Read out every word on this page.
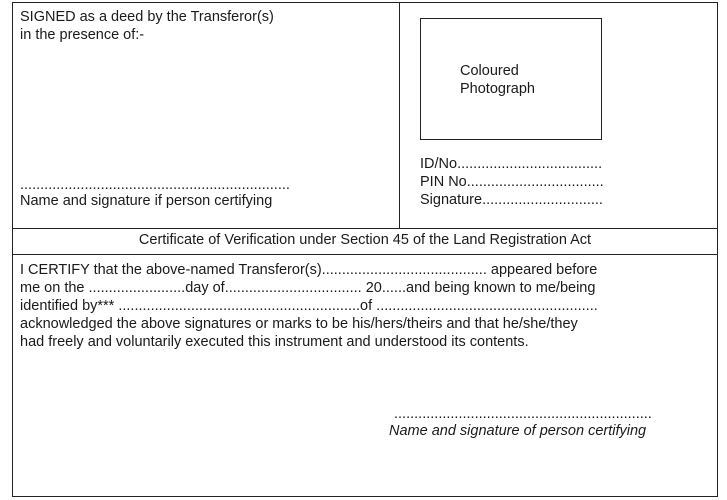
SIGNED as a deed by the Transferor(s)
in the presence of:-
...................................................................
Name and signature if person certifying
Coloured
Photograph
ID/No....................................
PIN No..................................
Signature..............................
Certificate of Verification under Section 45 of the Land Registration Act
I CERTIFY that the above-named Transferor(s)......................................... appeared before
me on the ........................day of.................................. 20......and being known to me/being
identified by*** ............................................................of .......................................................
acknowledged the above signatures or marks to be his/hers/theirs and that he/she/they
had freely and voluntarily executed this instrument and understood its contents.
................................................................
Name and signature of person certifying
